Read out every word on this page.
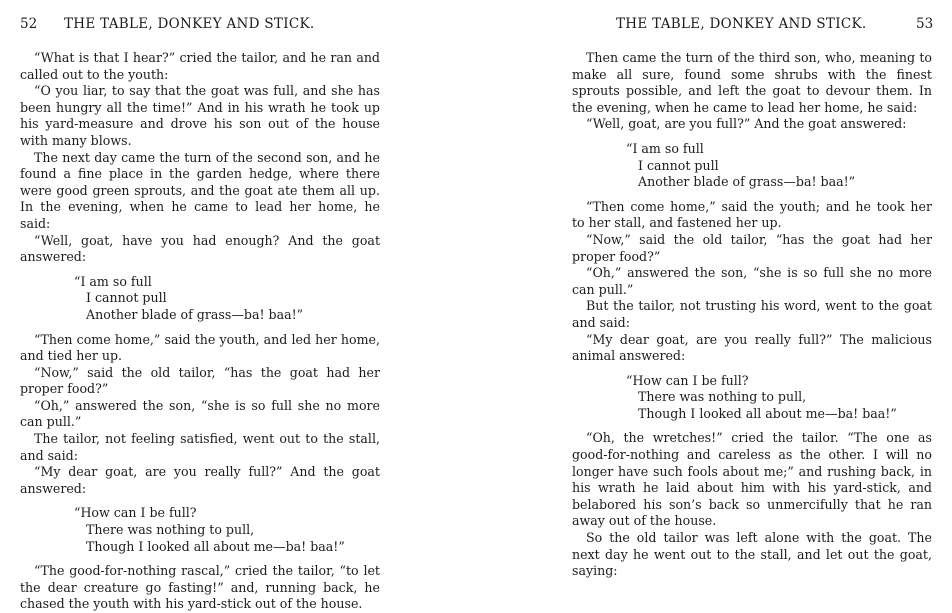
52 THE TABLE, DONKEY AND STICK.

“What is that I hear?” cried the tailor, and he ran and called out to the youth:

“O you liar, to say that the goat was full, and she has been hungry all the time!” And in his wrath he took up his yard-measure and drove his son out of the house with many blows.

The next day came the turn of the second son, and he found a fine place in the garden hedge, where there were good green sprouts, and the goat ate them all up. In the evening, when he came to lead her home, he said:

“Well, goat, have you had enough? And the goat answered:

“I am so full
I cannot pull
Another blade of grass—ba! baa!”

“Then come home,” said the youth, and led her home, and tied her up.

“Now,” said the old tailor, “has the goat had her proper food?”

“Oh,” answered the son, “she is so full she no more can pull.”

The tailor, not feeling satisfied, went out to the stall, and said:

“My dear goat, are you really full?” And the goat answered:

“How can I be full?
There was nothing to pull,
Though I looked all about me—ba! baa!”

“The good-for-nothing rascal,” cried the tailor, “to let the dear creature go fasting!” and, running back, he chased the youth with his yard-stick out of the house.

THE TABLE, DONKEY AND STICK.	53

Then came the turn of the third son, who, meaning to make all sure, found some shrubs with the finest sprouts possible, and left the goat to devour them. In the evening, when he came to lead her home, he said:

“Well, goat, are you full?” And the goat answered:

“I am so full
I cannot pull
Another blade of grass—ba! baa!”

“Then come home,” said the youth; and he took her to her stall, and fastened her up.

“Now,” said the old tailor, “has the goat had her proper food?”

“Oh,” answered the son, “she is so full she no more can pull.”

But the tailor, not trusting his word, went to the goat and said:

“My dear goat, are you really full?” The malicious animal answered:

“How can I be full?
There was nothing to pull,
Though I looked all about me—ba! baa!”

“Oh, the wretches!” cried the tailor. “The one as good-for-nothing and careless as the other. I will no longer have such fools about me;” and rushing back, in his wrath he laid about him with his yard-stick, and belabored his son’s back so unmercifully that he ran away out of the house.

So the old tailor was left alone with the goat. The next day he went out to the stall, and let out the goat, saying:
